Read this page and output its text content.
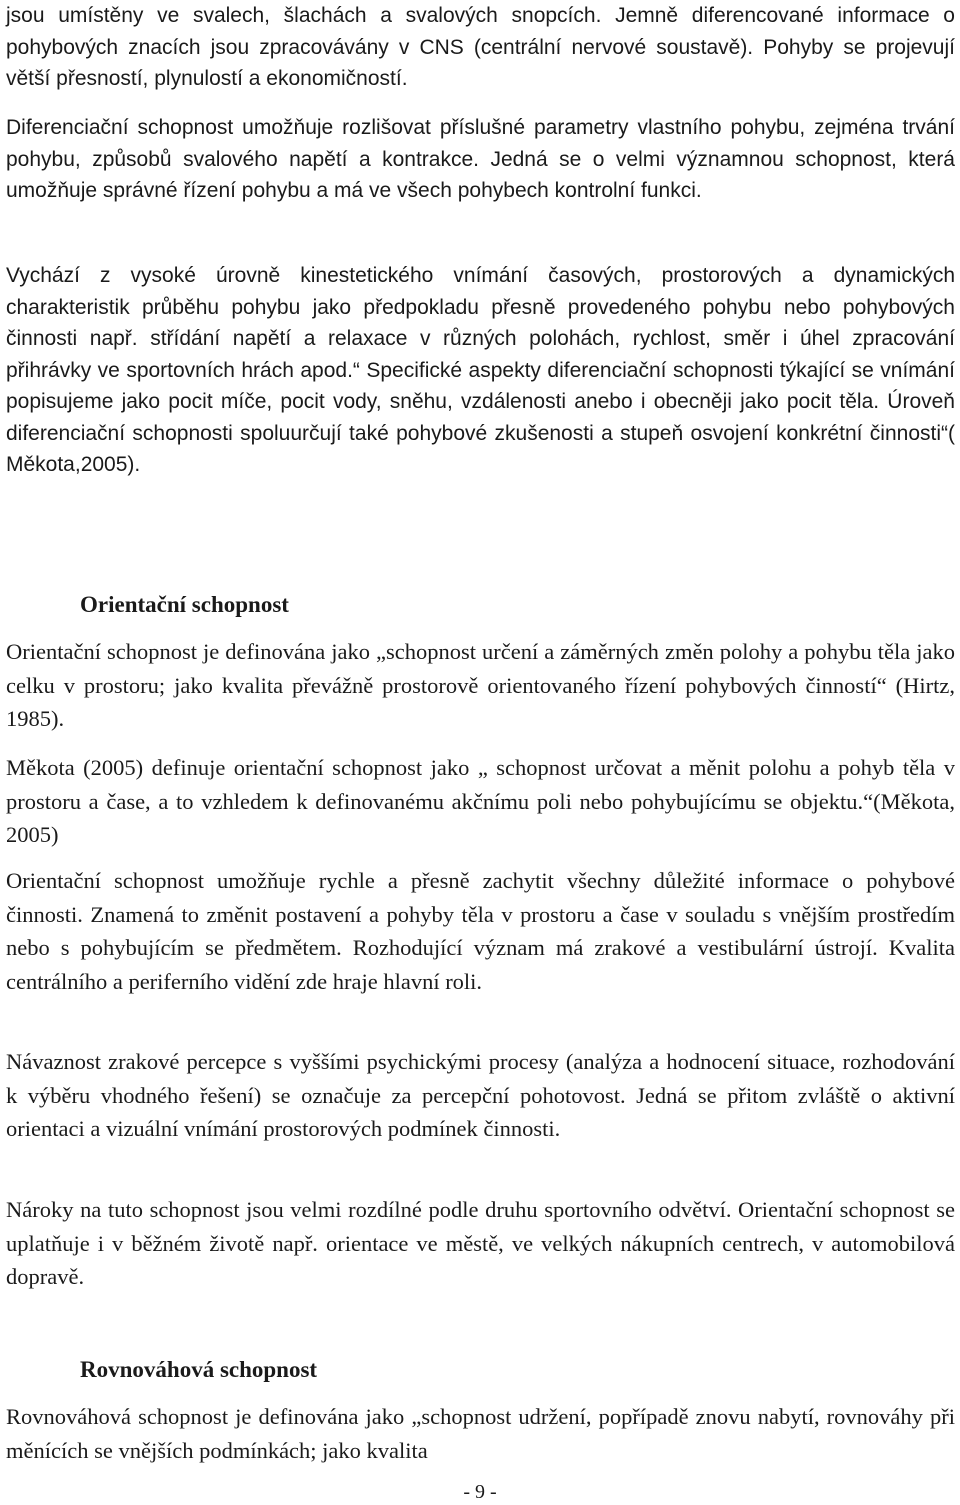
jsou umístěny ve svalech, šlachách a svalových snopcích. Jemně diferencované informace o pohybových znacích jsou zpracovávány v CNS (centrální nervové soustavě). Pohyby se projevují větší přesností, plynulostí a ekonomičností.

Diferenciační schopnost umožňuje rozlišovat příslušné parametry vlastního pohybu, zejména trvání pohybu, způsobů svalového napětí a kontrakce. Jedná se o velmi významnou schopnost, která umožňuje správné řízení pohybu a má ve všech pohybech kontrolní funkci.

Vychází z vysoké úrovně kinestetického vnímání časových, prostorových a dynamických charakteristik průběhu pohybu jako předpokladu přesně provedeného pohybu nebo pohybových činnosti např. střídání napětí a relaxace v různých polohách, rychlost, směr i úhel zpracování přihrávky ve sportovních hrách apod.“ Specifické aspekty diferenciační schopnosti týkající se vnímání popisujeme jako pocit míče, pocit vody, sněhu, vzdálenosti anebo i obecněji jako pocit těla. Úroveň diferenciační schopnosti spoluurčují také pohybové zkušenosti a stupeň osvojení konkrétní činnosti“( Měkota,2005).

Orientační schopnost

Orientační schopnost je definována jako „schopnost určení a záměrných změn polohy a pohybu těla jako celku v prostoru; jako kvalita převážně prostorově orientovaného řízení pohybových činností“ (Hirtz, 1985).

Měkota (2005) definuje orientační schopnost jako „ schopnost určovat a měnit polohu a pohyb těla v prostoru a čase, a to vzhledem k definovanému akčnímu poli nebo pohybujícímu se objektu.“(Měkota, 2005)

Orientační schopnost umožňuje rychle a přesně zachytit všechny důležité informace o pohybové činnosti. Znamená to změnit postavení a pohyby těla v prostoru a čase v souladu s vnějším prostředím nebo s pohybujícím se předmětem. Rozhodující význam má zrakové a vestibulární ústrojí. Kvalita centrálního a periferního vidění zde hraje hlavní roli.

Návaznost zrakové percepce s vyššími psychickými procesy (analýza a hodnocení situace, rozhodování k výběru vhodného řešení) se označuje za percepční pohotovost. Jedná se přitom zvláště o aktivní orientaci a vizuální vnímání prostorových podmínek činnosti.

Nároky na tuto schopnost jsou velmi rozdílné podle druhu sportovního odvětví. Orientační schopnost se uplatňuje i v běžném životě např. orientace ve městě, ve velkých nákupních centrech, v automobilová dopravě.

Rovnováhová schopnost

Rovnováhová schopnost je definována jako „schopnost udržení, popřípadě znovu nabytí, rovnováhy při měnících se vnějších podmínkách; jako kvalita

- 9 -
